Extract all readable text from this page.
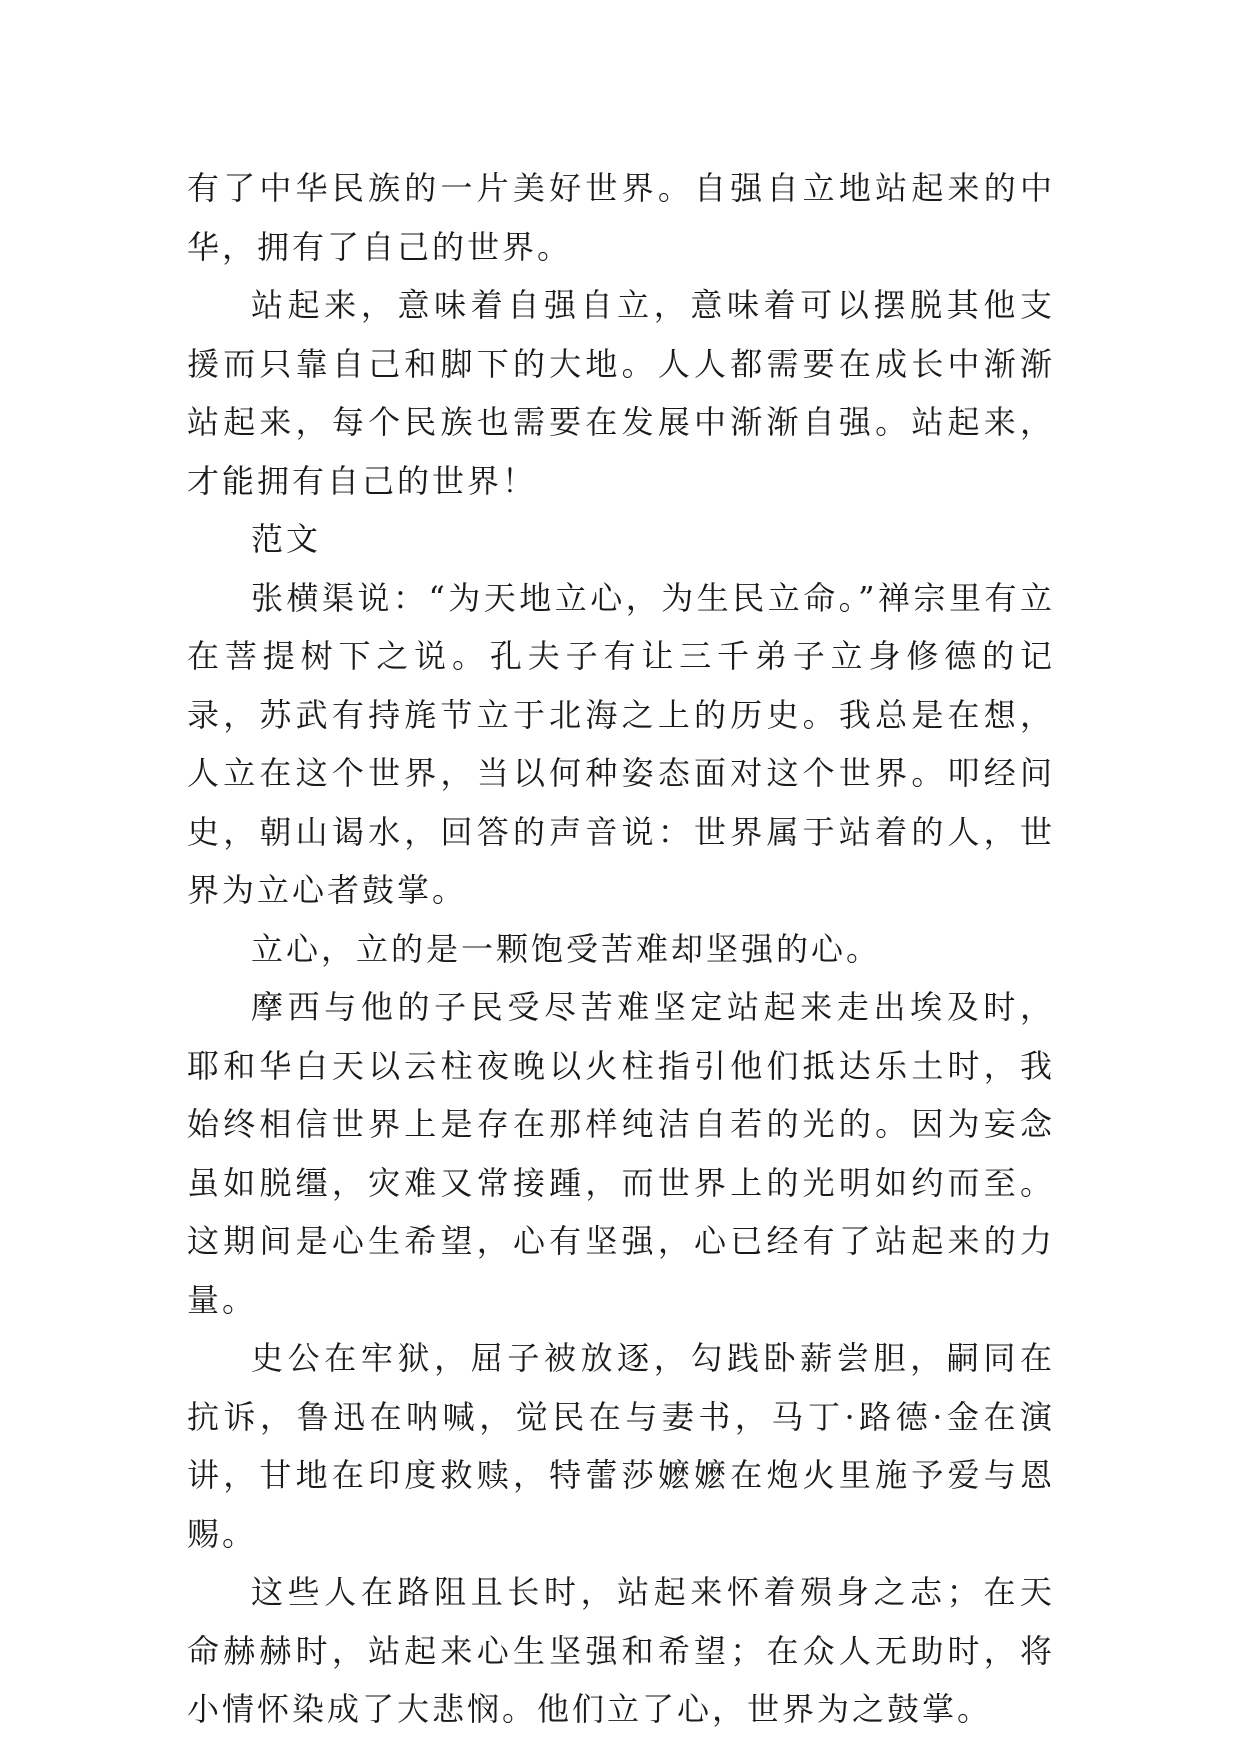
有了中华民族的一片美好世界。自强自立地站起来的中华，拥有了自己的世界。

站起来，意味着自强自立，意味着可以摆脱其他支援而只靠自己和脚下的大地。人人都需要在成长中渐渐站起来，每个民族也需要在发展中渐渐自强。站起来，才能拥有自己的世界！

范文

张横渠说：“为天地立心，为生民立命。”禅宗里有立在菩提树下之说。孔夫子有让三千弟子立身修德的记录，苏武有持旄节立于北海之上的历史。我总是在想，人立在这个世界，当以何种姿态面对这个世界。叩经问史，朝山谒水，回答的声音说：世界属于站着的人，世界为立心者鼓掌。

立心，立的是一颗饱受苦难却坚强的心。

摩西与他的子民受尽苦难坚定站起来走出埃及时，耶和华白天以云柱夜晚以火柱指引他们抵达乐土时，我始终相信世界上是存在那样纯洁自若的光的。因为妄念虽如脱缰，灾难又常接踵，而世界上的光明如约而至。这期间是心生希望，心有坚强，心已经有了站起来的力量。

史公在牢狱，屈子被放逐，勾践卧薪尝胆，嗣同在抗诉，鲁迅在呐喊，觉民在与妻书，马丁·路德·金在演讲，甘地在印度救赎，特蕾莎嬷嬷在炮火里施予爱与恩赐。

这些人在路阻且长时，站起来怀着殒身之志；在天命赫赫时，站起来心生坚强和希望；在众人无助时，将小情怀染成了大悲悯。他们立了心，世界为之鼓掌。
